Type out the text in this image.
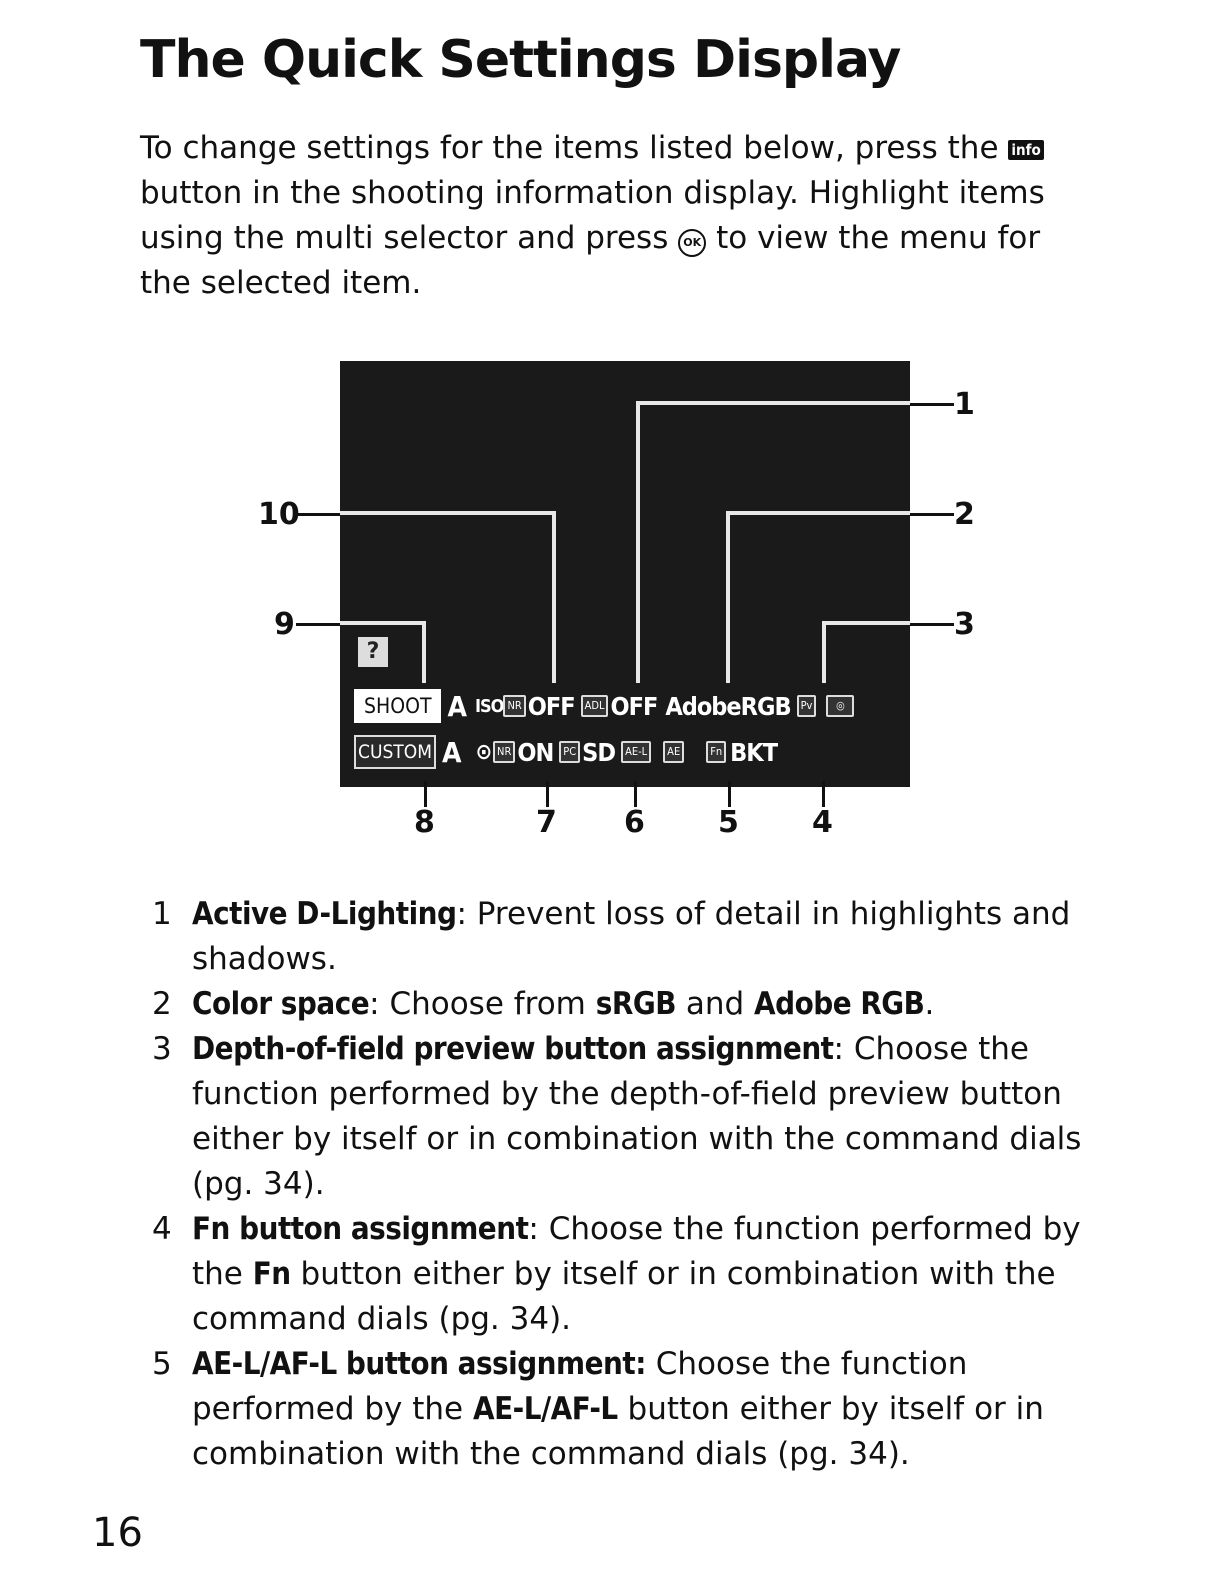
The Quick Settings Display

To change settings for the items listed below, press the info button in the shooting information display. Highlight items using the multi selector and press OK to view the menu for the selected item.

?
SHOOT A ISO NR OFF ADL OFF AdobeRGB Pv	◎
CUSTOM A ⊙ NR ON PC SD AE-L	AE	Fn BKT
1
2
3
4
5
6
7
8
9
10
1 Active D-Lighting: Prevent loss of detail in highlights and shadows.
2 Color space: Choose from sRGB and Adobe RGB.
3 Depth-of-field preview button assignment: Choose the function performed by the depth-of-field preview button either by itself or in combination with the command dials (pg. 34).
4 Fn button assignment: Choose the function performed by the Fn button either by itself or in combination with the command dials (pg. 34).
5 AE-L/AF-L button assignment: Choose the function performed by the AE-L/AF-L button either by itself or in combination with the command dials (pg. 34).
16
